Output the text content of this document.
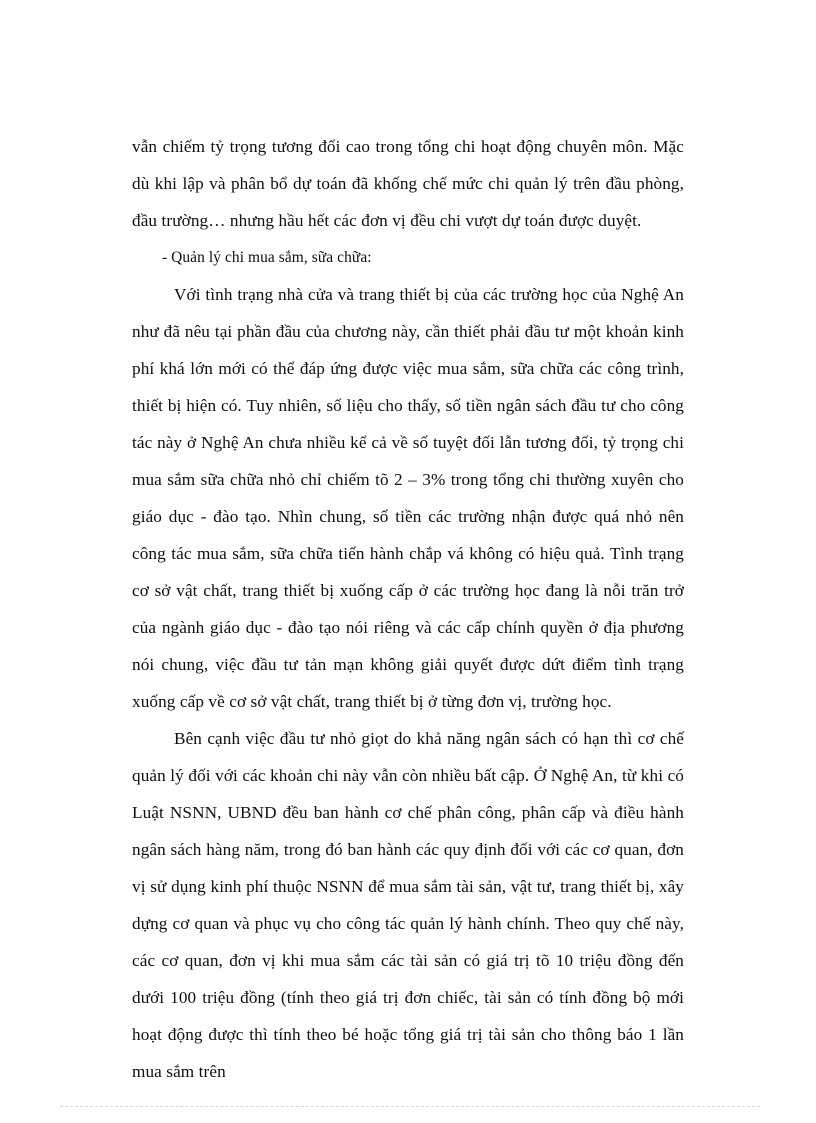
vẫn chiếm tỷ trọng tương đối cao trong tổng chi hoạt động chuyên môn. Mặc dù khi lập và phân bổ dự toán đã khống chế mức chi quản lý trên đầu phòng, đầu trường… nhưng hầu hết các đơn vị đều chi vượt dự toán được duyệt.

- Quản lý chi mua sắm, sữa chữa:

Với tình trạng nhà cửa và trang thiết bị của các trường học của Nghệ An như đã nêu tại phần đầu của chương này, cần thiết phải đầu tư một khoản kinh phí khá lớn mới có thể đáp ứng được việc mua sắm, sữa chữa các công trình, thiết bị hiện có. Tuy nhiên, số liệu cho thấy, số tiền ngân sách đầu tư cho công tác này ở Nghệ An chưa nhiều kể cả về số tuyệt đối lẫn tương đối, tỷ trọng chi mua sắm sữa chữa nhỏ chỉ chiếm tõ 2 – 3% trong tổng chi thường xuyên cho giáo dục - đào tạo. Nhìn chung, số tiền các trường nhận được quá nhỏ nên công tác mua sắm, sữa chữa tiến hành chắp vá không có hiệu quả. Tình trạng cơ sở vật chất, trang thiết bị xuống cấp ở các trường học đang là nỗi trăn trở của ngành giáo dục - đào tạo nói riêng và các cấp chính quyền ở địa phương nói chung, việc đầu tư tản mạn không giải quyết được dứt điểm tình trạng xuống cấp về cơ sở vật chất, trang thiết bị ở từng đơn vị, trường học.

Bên cạnh việc đầu tư nhỏ giọt do khả năng ngân sách có hạn thì cơ chế quản lý đối với các khoản chi này vẫn còn nhiều bất cập. Ở Nghệ An, từ khi có Luật NSNN, UBND đều ban hành cơ chế phân công, phân cấp và điều hành ngân sách hàng năm, trong đó ban hành các quy định đối với các cơ quan, đơn vị sử dụng kinh phí thuộc NSNN để mua sắm tài sản, vật tư, trang thiết bị, xây dựng cơ quan và phục vụ cho công tác quản lý hành chính. Theo quy chế này, các cơ quan, đơn vị khi mua sắm các tài sản có giá trị tõ 10 triệu đồng đến dưới 100 triệu đồng (tính theo giá trị đơn chiếc, tài sản có tính đồng bộ mới hoạt động được thì tính theo bé hoặc tổng giá trị tài sản cho thông báo 1 lần mua sắm trên
